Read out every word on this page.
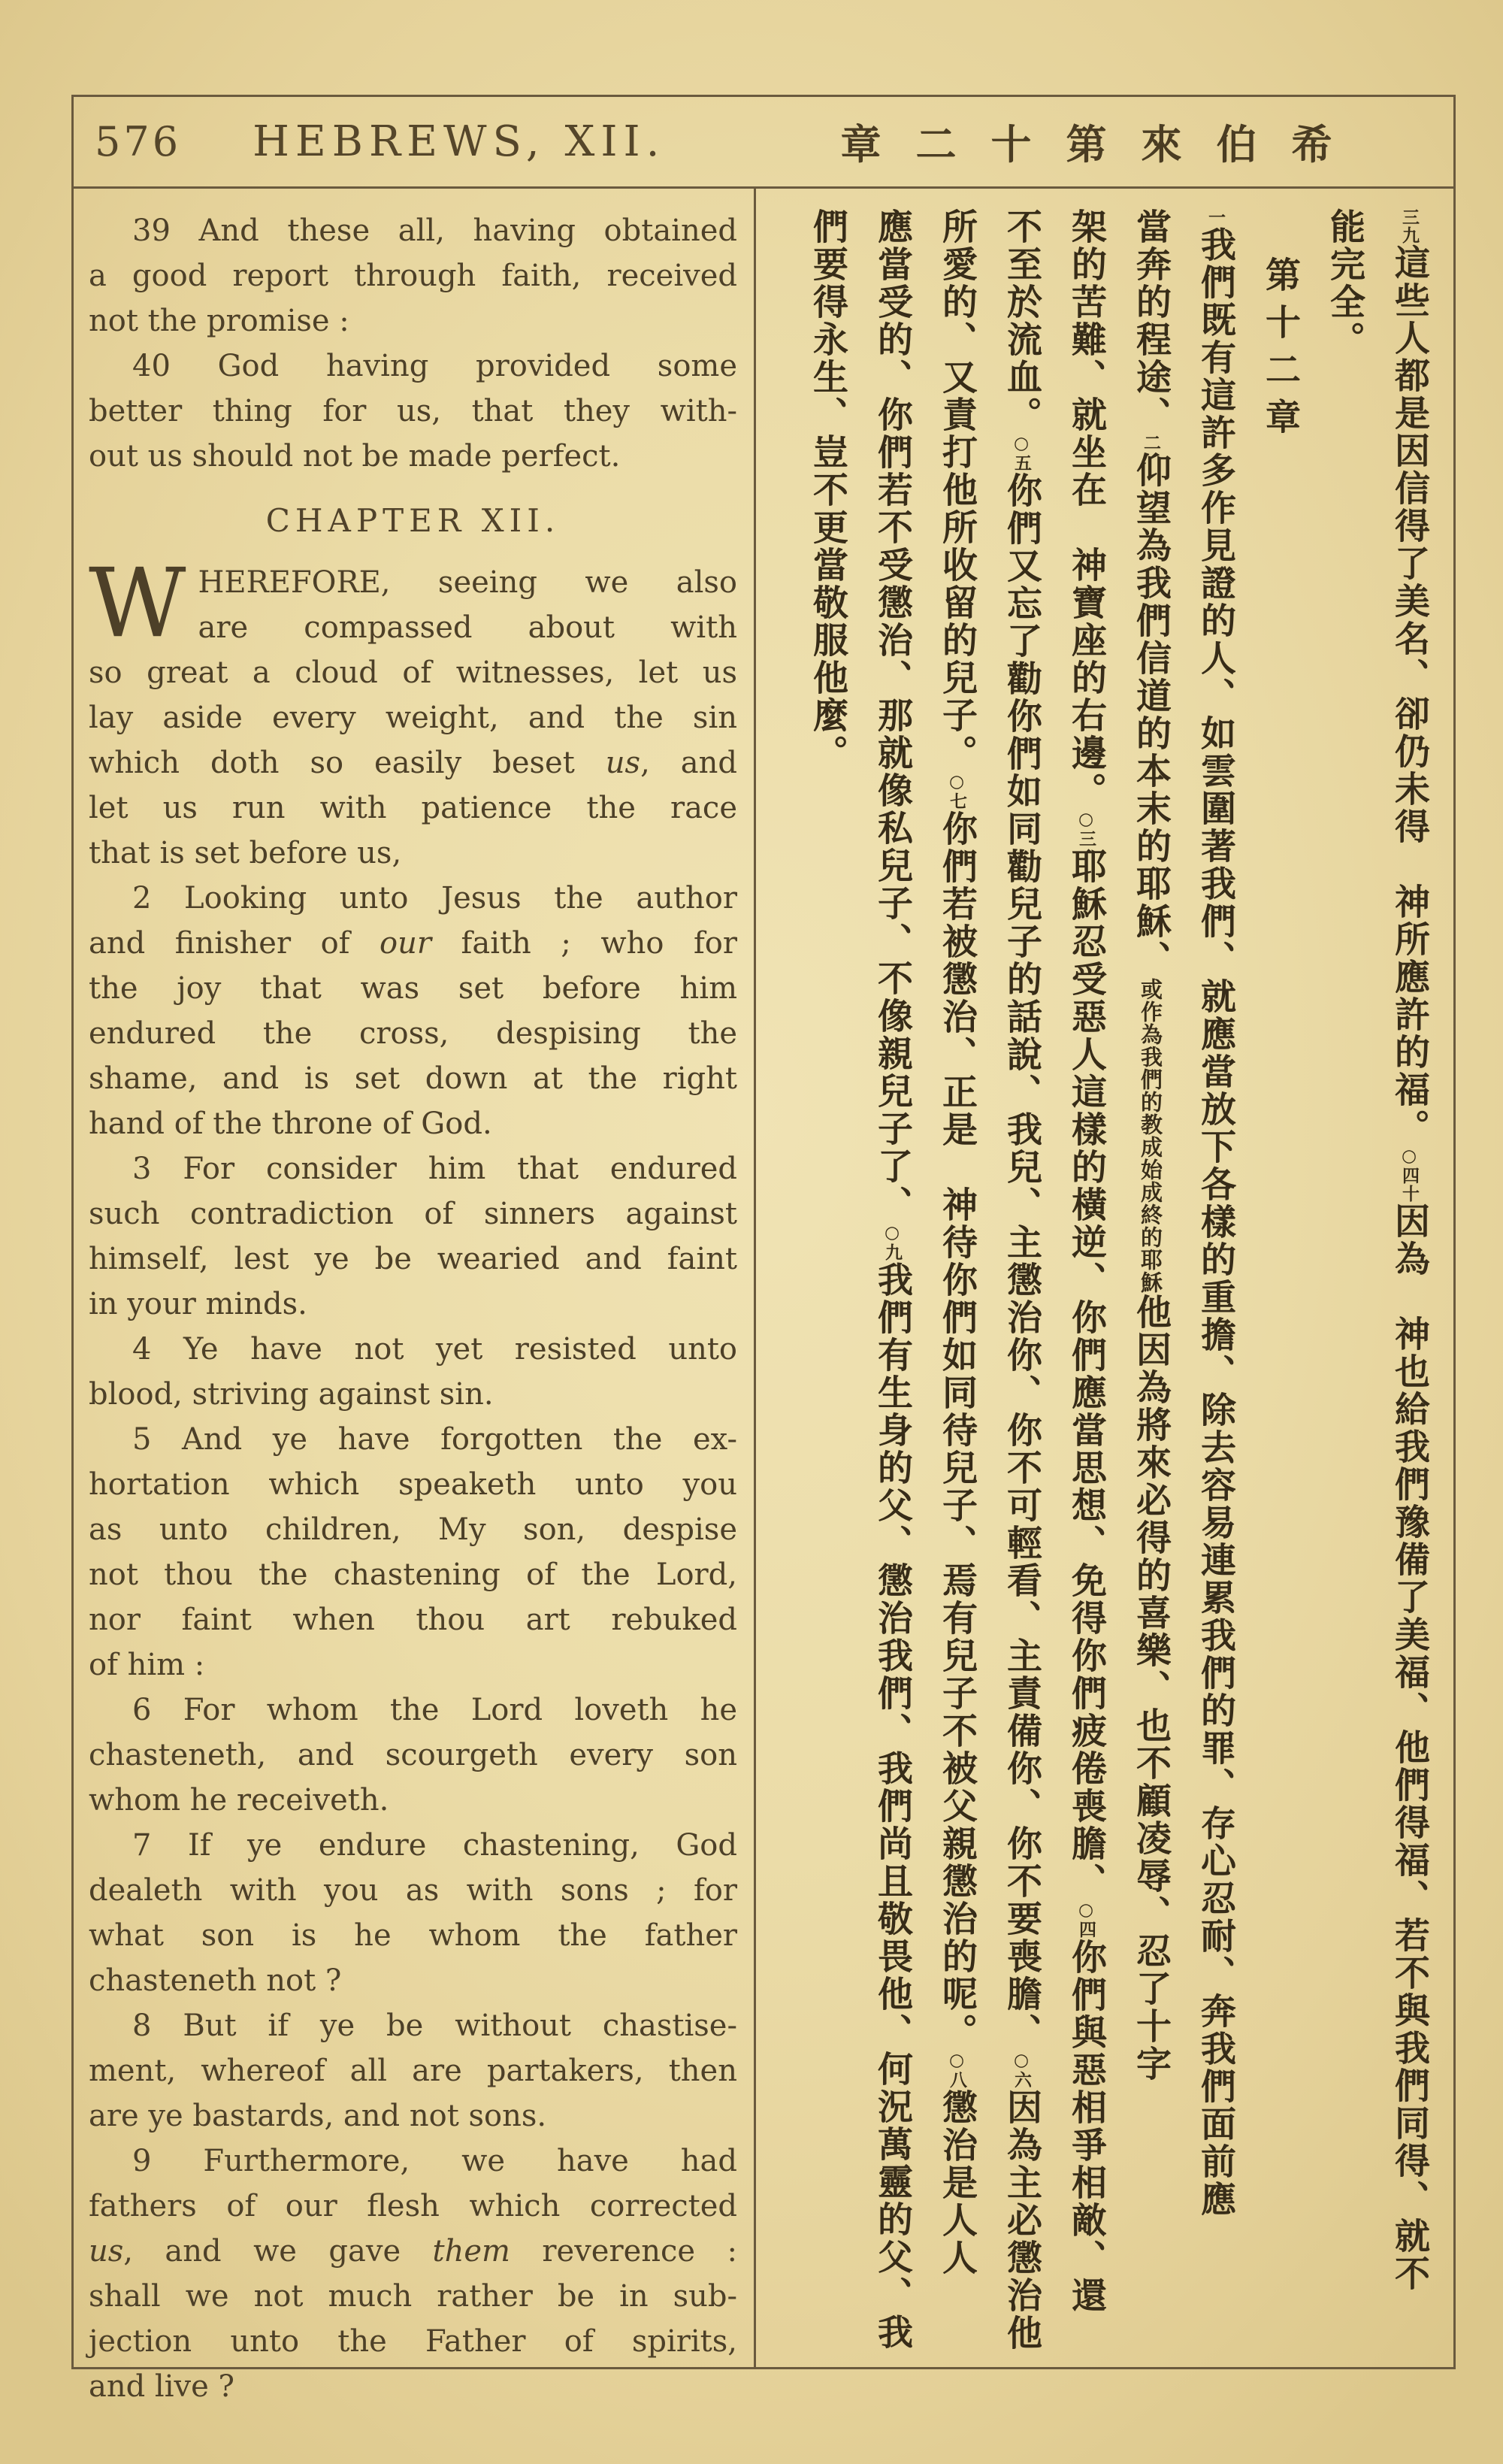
576 HEBREWS, XII.	章二十第來伯希
39 And these all, having obtained
a good report through faith, received
not the promise :
40 God having provided some
better thing for us, that they with-
out us should not be made perfect.
CHAPTER XII.
W HEREFORE, seeing we also
are compassed about with
so great a cloud of witnesses, let us
lay aside every weight, and the sin
which doth so easily beset us, and
let us run with patience the race
that is set before us,
2 Looking unto Jesus the author
and finisher of our faith ; who for
the joy that was set before him
endured the cross, despising the
shame, and is set down at the right
hand of the throne of God.
3 For consider him that endured
such contradiction of sinners against
himself, lest ye be wearied and faint
in your minds.
4 Ye have not yet resisted unto
blood, striving against sin.
5 And ye have forgotten the ex-
hortation which speaketh unto you
as unto children, My son, despise
not thou the chastening of the Lord,
nor faint when thou art rebuked
of him :
6 For whom the Lord loveth he
chasteneth, and scourgeth every son
whom he receiveth.
7 If ye endure chastening, God
dealeth with you as with sons ; for
what son is he whom the father
chasteneth not ?
8 But if ye be without chastise-
ment, whereof all are partakers, then
are ye bastards, and not sons.
9 Furthermore, we have had
fathers of our flesh which corrected
us, and we gave them reverence :
shall we not much rather be in sub-
jection unto the Father of spirits,
and live ?
三九這些人都是因信得了美名、卻仍未得　神所應許的福。○四十因為　神也給我們豫備了美福、他們得福、若不與我們同得、就不
能完全。
第十二章
一我們既有這許多作見證的人、如雲圍著我們、就應當放下各樣的重擔、除去容易連累我們的罪、存心忍耐、奔我們面前應
當奔的程途、二仰望為我們信道的本末的耶穌、或作為我們的教成始成終的耶穌他因為將來必得的喜樂、也不顧凌辱、忍了十字
架的苦難、就坐在　神寶座的右邊。○三耶穌忍受惡人這樣的橫逆、你們應當思想、免得你們疲倦喪膽、○四你們與惡相爭相敵、還
不至於流血。○五你們又忘了勸你們如同勸兒子的話說、我兒、主懲治你、你不可輕看、主責備你、你不要喪膽、○六因為主必懲治他
所愛的、又責打他所收留的兒子。○七你們若被懲治、正是　神待你們如同待兒子、焉有兒子不被父親懲治的呢。○八懲治是人人
應當受的、你們若不受懲治、那就像私兒子、不像親兒子了、○九我們有生身的父、懲治我們、我們尚且敬畏他、何況萬靈的父、我
們要得永生、豈不更當敬服他麼。
